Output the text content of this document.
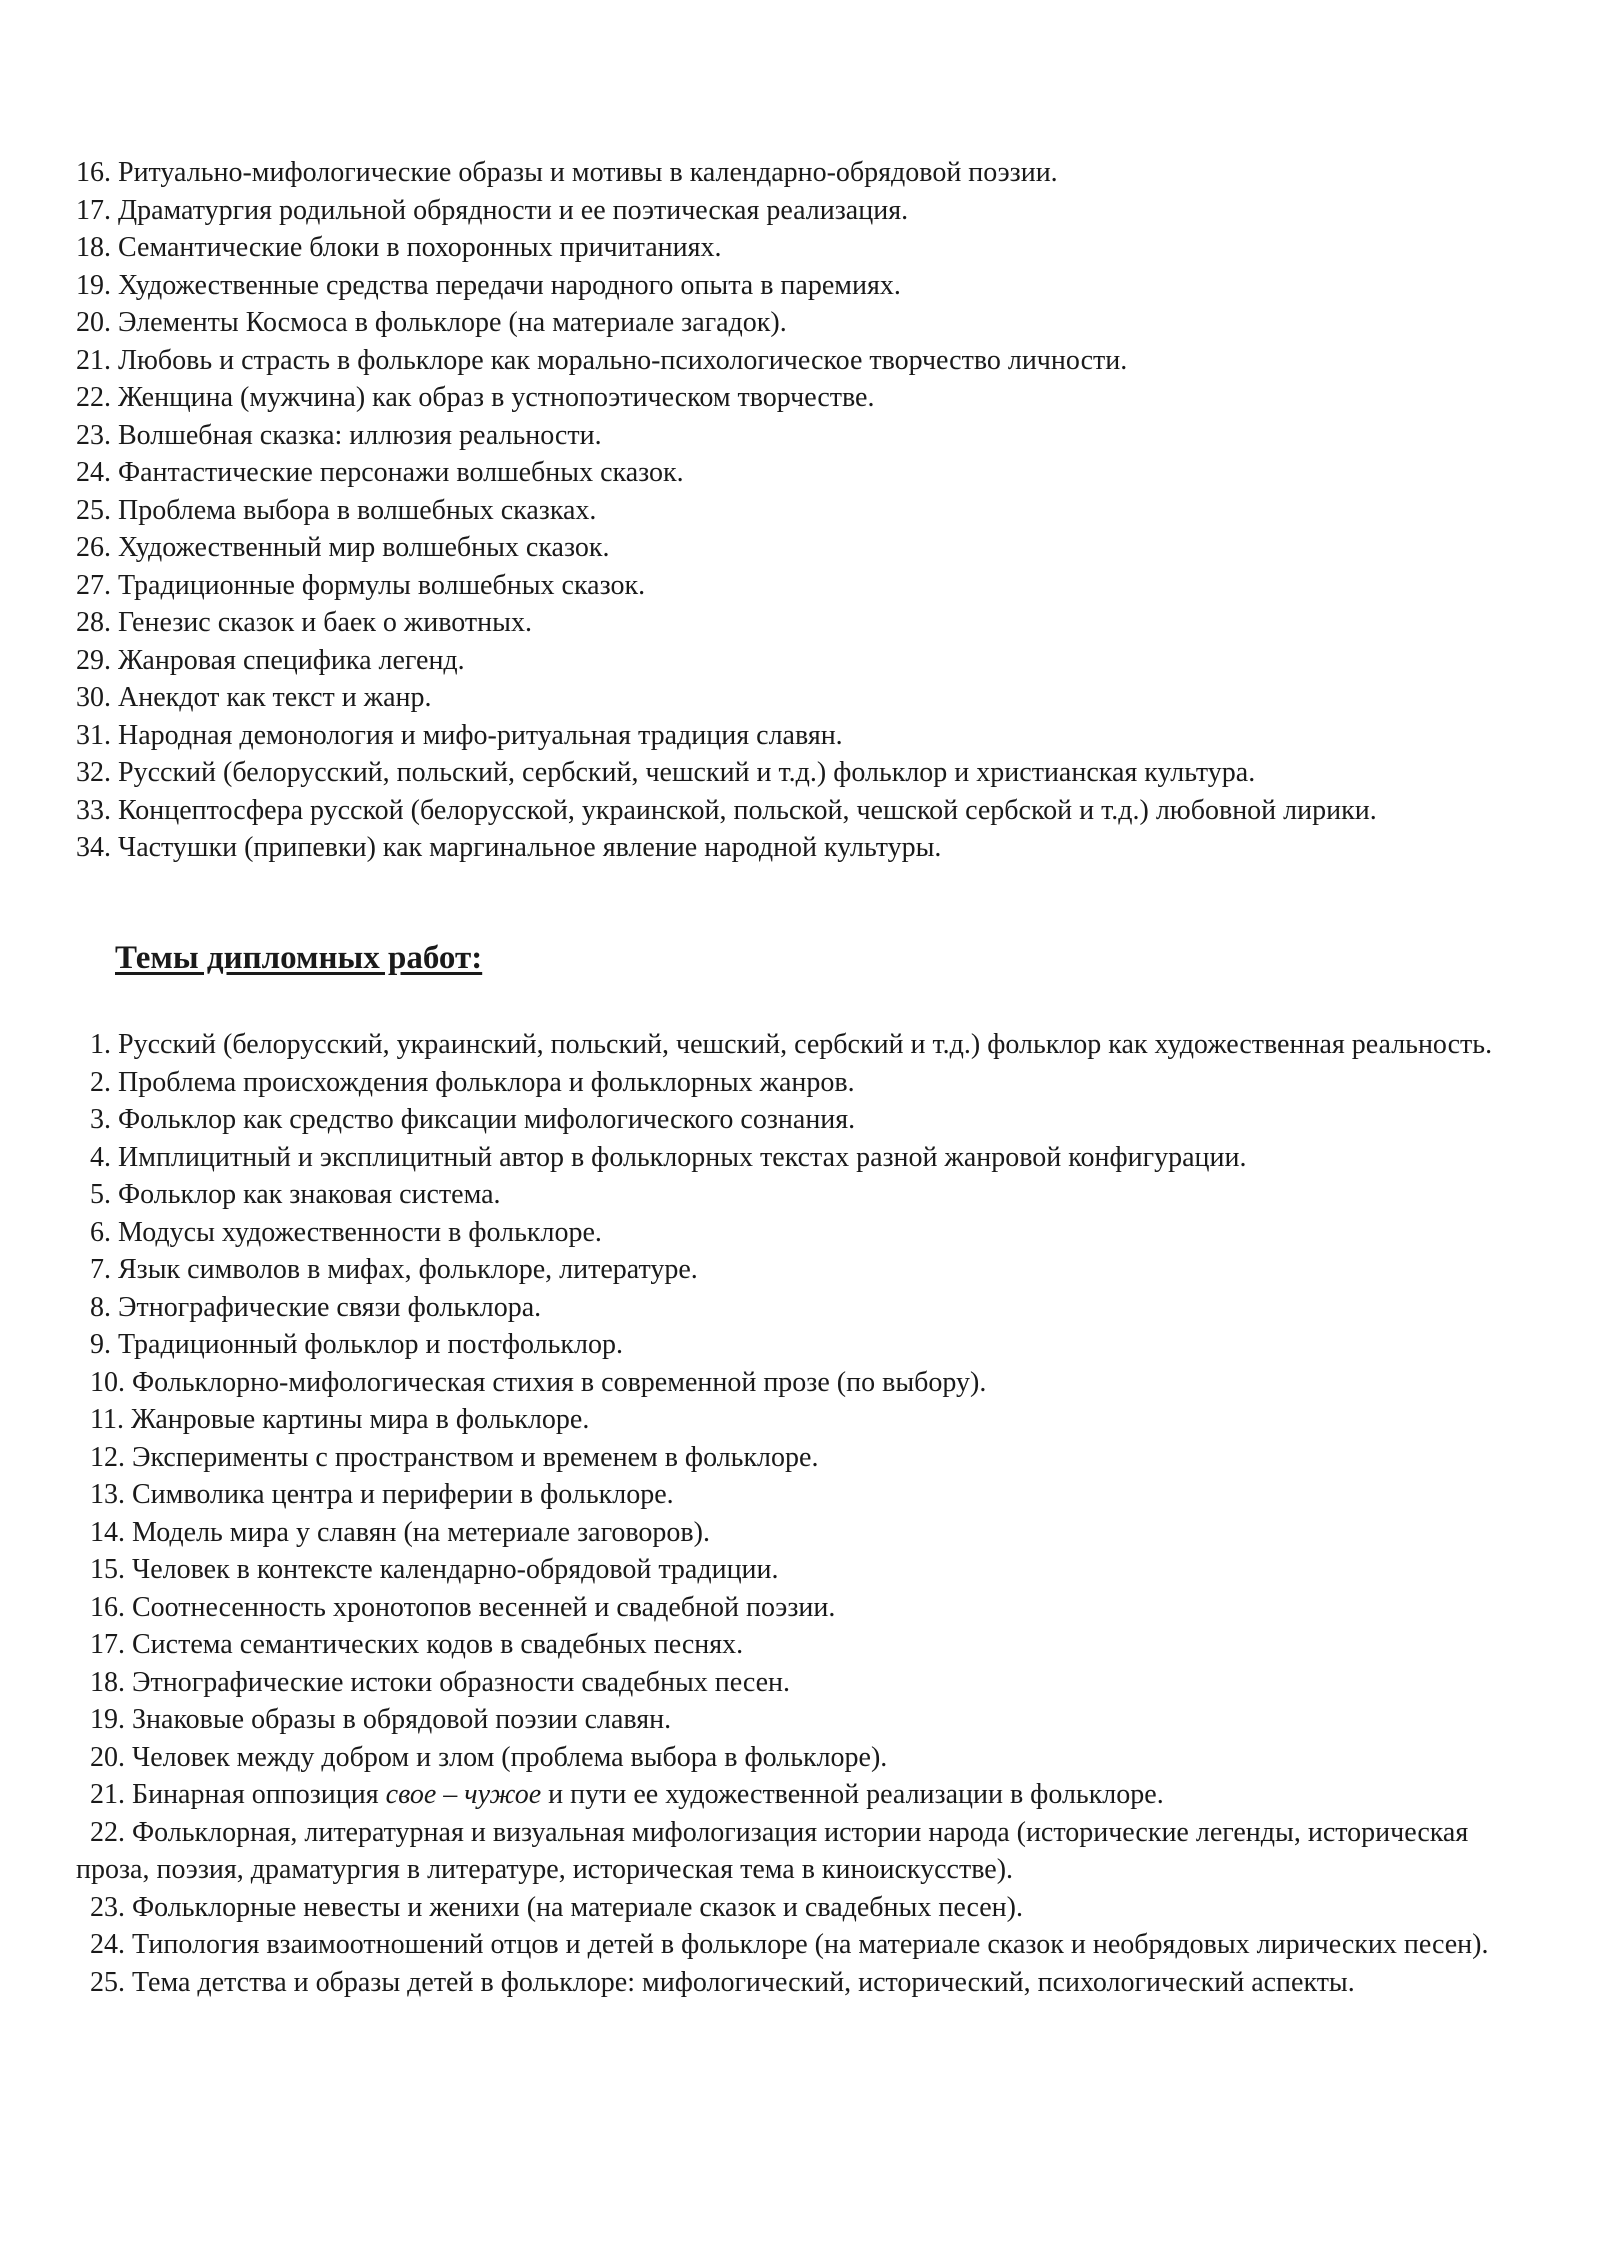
16. Ритуально-мифологические образы и мотивы в календарно-обрядовой поэзии.

17. Драматургия родильной обрядности и ее поэтическая реализация.

18. Семантические блоки в похоронных причитаниях.

19. Художественные средства передачи народного опыта в паремиях.

20. Элементы Космоса в фольклоре (на материале загадок).

21. Любовь и страсть в фольклоре как морально-психологическое творчество личности.

22. Женщина (мужчина) как образ в устнопоэтическом творчестве.

23. Волшебная сказка: иллюзия реальности.

24. Фантастические персонажи волшебных сказок.

25. Проблема выбора в волшебных сказках.

26. Художественный мир волшебных сказок.

27. Традиционные формулы волшебных сказок.

28. Генезис сказок и баек о животных.

29. Жанровая специфика легенд.

30. Анекдот как текст и жанр.

31. Народная демонология и мифо-ритуальная традиция славян.

32. Русский (белорусский, польский, сербский, чешский и т.д.) фольклор и христианская культура.

33. Концептосфера русской (белорусской, украинской, польской, чешской сербской и т.д.) любовной лирики.

34. Частушки (припевки) как маргинальное явление народной культуры.

Темы дипломных работ:

1. Русский (белорусский, украинский, польский, чешский, сербский и т.д.) фольклор как художественная реальность.

2. Проблема происхождения фольклора и фольклорных жанров.

3. Фольклор как средство фиксации мифологического сознания.

4. Имплицитный и эксплицитный автор в фольклорных текстах разной жанровой конфигурации.

5. Фольклор как знаковая система.

6. Модусы художественности в фольклоре.

7. Язык символов в мифах, фольклоре, литературе.

8. Этнографические связи фольклора.

9. Традиционный фольклор и постфольклор.

10. Фольклорно-мифологическая стихия в современной прозе (по выбору).

11. Жанровые картины мира в фольклоре.

12. Эксперименты с пространством и временем в фольклоре.

13. Символика центра и периферии в фольклоре.

14. Модель мира у славян (на метериале заговоров).

15. Человек в контексте календарно-обрядовой традиции.

16. Соотнесенность хронотопов весенней и свадебной поэзии.

17. Система семантических кодов в свадебных песнях.

18. Этнографические истоки образности свадебных песен.

19. Знаковые образы в обрядовой поэзии славян.

20. Человек между добром и злом (проблема выбора в фольклоре).

21. Бинарная оппозиция свое – чужое и пути ее художественной реализации в фольклоре.

22. Фольклорная, литературная и визуальная мифологизация истории народа (исторические легенды, историческая проза, поэзия, драматургия в литературе, историческая тема в киноискусстве).

23. Фольклорные невесты и женихи (на материале сказок и свадебных песен).

24. Типология взаимоотношений отцов и детей в фольклоре (на материале сказок и необрядовых лирических песен).

25. Тема детства и образы детей в фольклоре: мифологический, исторический, психологический аспекты.
